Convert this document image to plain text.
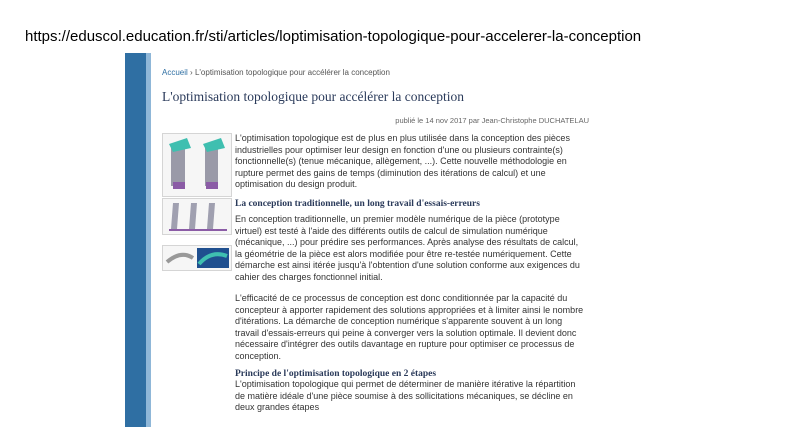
https://eduscol.education.fr/sti/articles/loptimisation-topologique-pour-accelerer-la-conception
Accueil › L'optimisation topologique pour accélérer la conception
L'optimisation topologique pour accélérer la conception
publié le 14 nov 2017 par Jean-Christophe DUCHATELAU
L'optimisation topologique est de plus en plus utilisée dans la conception des pièces industrielles pour optimiser leur design en fonction d'une ou plusieurs contrainte(s) fonctionnelle(s) (tenue mécanique, allègement, ...). Cette nouvelle méthodologie en rupture permet des gains de temps (diminution des itérations de calcul) et une optimisation du design produit.
La conception traditionnelle, un long travail d'essais-erreurs
En conception traditionnelle, un premier modèle numérique de la pièce (prototype virtuel) est testé à l'aide des différents outils de calcul de simulation numérique (mécanique, ...) pour prédire ses performances. Après analyse des résultats de calcul, la géométrie de la pièce est alors modifiée pour être re-testée numériquement. Cette démarche est ainsi itérée jusqu'à l'obtention d'une solution conforme aux exigences du cahier des charges fonctionnel initial.
L'efficacité de ce processus de conception est donc conditionnée par la capacité du concepteur à apporter rapidement des solutions appropriées et à limiter ainsi le nombre d'itérations. La démarche de conception numérique s'apparente souvent à un long travail d'essais-erreurs qui peine à converger vers la solution optimale. Il devient donc nécessaire d'intégrer des outils davantage en rupture pour optimiser ce processus de conception.
Principe de l'optimisation topologique en 2 étapes
L'optimisation topologique qui permet de déterminer de manière itérative la répartition de matière idéale d'une pièce soumise à des sollicitations mécaniques, se décline en deux grandes étapes
